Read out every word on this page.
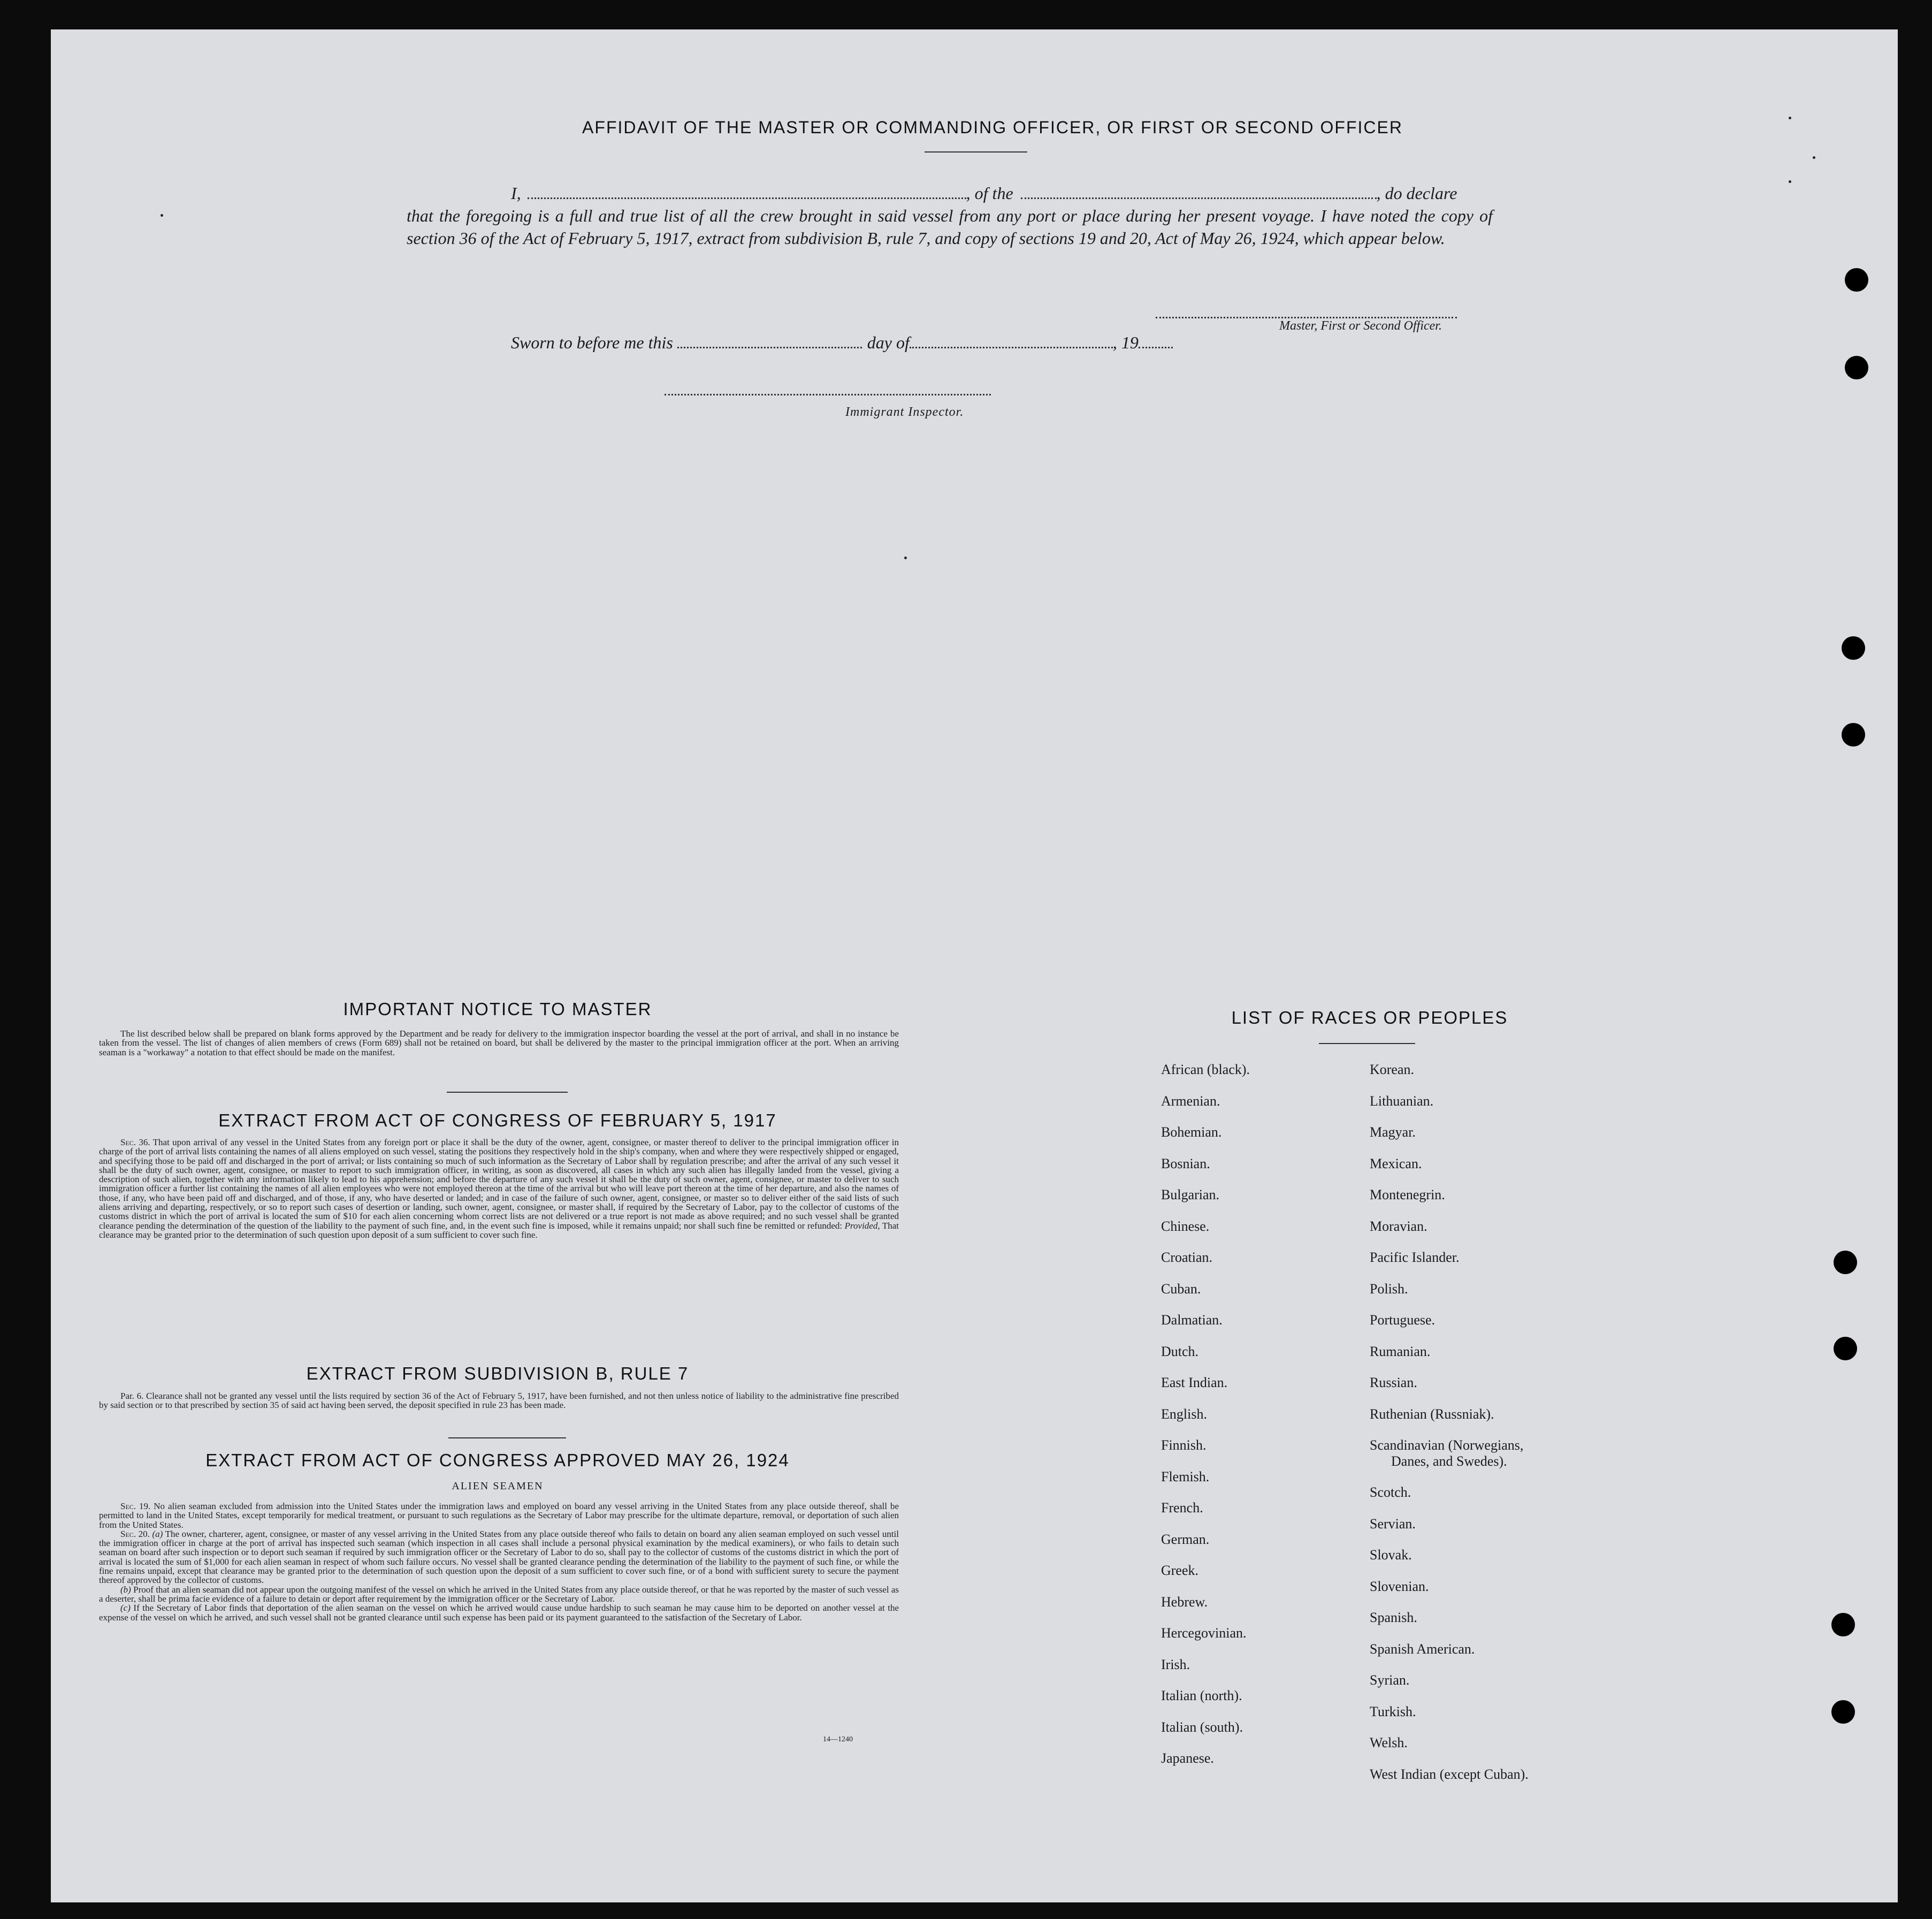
AFFIDAVIT OF THE MASTER OR COMMANDING OFFICER, OR FIRST OR SECOND OFFICER
I,	, of the	, do declare

that the foregoing is a full and true list of all the crew brought in said vessel from any port or place during her present voyage. I have noted the copy of section 36 of the Act of February 5, 1917, extract from subdivision B, rule 7, and copy of sections 19 and 20, Act of May 26, 1924, which appear below.

Master, First or Second Officer.
Sworn to before me this	day of	, 19
Immigrant Inspector.
IMPORTANT NOTICE TO MASTER

The list described below shall be prepared on blank forms approved by the Department and be ready for delivery to the immigration inspector boarding the vessel at the port of arrival, and shall in no instance be taken from the vessel. The list of changes of alien members of crews (Form 689) shall not be retained on board, but shall be delivered by the master to the principal immigration officer at the port. When an arriving seaman is a "workaway" a notation to that effect should be made on the manifest.

EXTRACT FROM ACT OF CONGRESS OF FEBRUARY 5, 1917

Sec. 36. That upon arrival of any vessel in the United States from any foreign port or place it shall be the duty of the owner, agent, consignee, or master thereof to deliver to the principal immigration officer in charge of the port of arrival lists containing the names of all aliens employed on such vessel, stating the positions they respectively hold in the ship's company, when and where they were respectively shipped or engaged, and specifying those to be paid off and discharged in the port of arrival; or lists containing so much of such information as the Secretary of Labor shall by regulation prescribe; and after the arrival of any such vessel it shall be the duty of such owner, agent, consignee, or master to report to such immigration officer, in writing, as soon as discovered, all cases in which any such alien has illegally landed from the vessel, giving a description of such alien, together with any information likely to lead to his apprehension; and before the departure of any such vessel it shall be the duty of such owner, agent, consignee, or master to deliver to such immigration officer a further list containing the names of all alien employees who were not employed thereon at the time of the arrival but who will leave port thereon at the time of her departure, and also the names of those, if any, who have been paid off and discharged, and of those, if any, who have deserted or landed; and in case of the failure of such owner, agent, consignee, or master so to deliver either of the said lists of such aliens arriving and departing, respectively, or so to report such cases of desertion or landing, such owner, agent, consignee, or master shall, if required by the Secretary of Labor, pay to the collector of customs of the customs district in which the port of arrival is located the sum of $10 for each alien concerning whom correct lists are not delivered or a true report is not made as above required; and no such vessel shall be granted clearance pending the determination of the question of the liability to the payment of such fine, and, in the event such fine is imposed, while it remains unpaid; nor shall such fine be remitted or refunded: Provided, That clearance may be granted prior to the determination of such question upon deposit of a sum sufficient to cover such fine.

EXTRACT FROM SUBDIVISION B, RULE 7

Par. 6. Clearance shall not be granted any vessel until the lists required by section 36 of the Act of February 5, 1917, have been furnished, and not then unless notice of liability to the administrative fine prescribed by said section or to that prescribed by section 35 of said act having been served, the deposit specified in rule 23 has been made.

EXTRACT FROM ACT OF CONGRESS APPROVED MAY 26, 1924
ALIEN SEAMEN

Sec. 19. No alien seaman excluded from admission into the United States under the immigration laws and employed on board any vessel arriving in the United States from any place outside thereof, shall be permitted to land in the United States, except temporarily for medical treatment, or pursuant to such regulations as the Secretary of Labor may prescribe for the ultimate departure, removal, or deportation of such alien from the United States.

Sec. 20. (a) The owner, charterer, agent, consignee, or master of any vessel arriving in the United States from any place outside thereof who fails to detain on board any alien seaman employed on such vessel until the immigration officer in charge at the port of arrival has inspected such seaman (which inspection in all cases shall include a personal physical examination by the medical examiners), or who fails to detain such seaman on board after such inspection or to deport such seaman if required by such immigration officer or the Secretary of Labor to do so, shall pay to the collector of customs of the customs district in which the port of arrival is located the sum of $1,000 for each alien seaman in respect of whom such failure occurs. No vessel shall be granted clearance pending the determination of the liability to the payment of such fine, or while the fine remains unpaid, except that clearance may be granted prior to the determination of such question upon the deposit of a sum sufficient to cover such fine, or of a bond with sufficient surety to secure the payment thereof approved by the collector of customs.

(b) Proof that an alien seaman did not appear upon the outgoing manifest of the vessel on which he arrived in the United States from any place outside thereof, or that he was reported by the master of such vessel as a deserter, shall be prima facie evidence of a failure to detain or deport after requirement by the immigration officer or the Secretary of Labor.

(c) If the Secretary of Labor finds that deportation of the alien seaman on the vessel on which he arrived would cause undue hardship to such seaman he may cause him to be deported on another vessel at the expense of the vessel on which he arrived, and such vessel shall not be granted clearance until such expense has been paid or its payment guaranteed to the satisfaction of the Secretary of Labor.

14—1240
LIST OF RACES OR PEOPLES
African (black).
Armenian.
Bohemian.
Bosnian.
Bulgarian.
Chinese.
Croatian.
Cuban.
Dalmatian.
Dutch.
East Indian.
English.
Finnish.
Flemish.
French.
German.
Greek.
Hebrew.
Hercegovinian.
Irish.
Italian (north).
Italian (south).
Japanese.
Korean.
Lithuanian.
Magyar.
Mexican.
Montenegrin.
Moravian.
Pacific Islander.
Polish.
Portuguese.
Rumanian.
Russian.
Ruthenian (Russniak).
Scandinavian (Norwegians,
Danes, and Swedes).
Scotch.
Servian.
Slovak.
Slovenian.
Spanish.
Spanish American.
Syrian.
Turkish.
Welsh.
West Indian (except Cuban).
